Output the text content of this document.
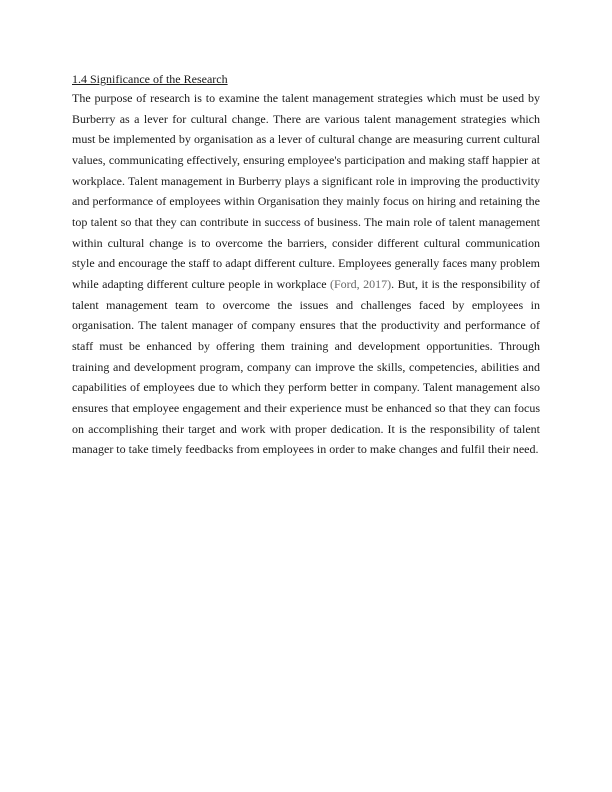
1.4 Significance of the Research

The purpose of research is to examine the talent management strategies which must be used by Burberry as a lever for cultural change. There are various talent management strategies which must be implemented by organisation as a lever of cultural change are measuring current cultural values, communicating effectively, ensuring employee's participation and making staff happier at workplace. Talent management in Burberry plays a significant role in improving the productivity and performance of employees within Organisation they mainly focus on hiring and retaining the top talent so that they can contribute in success of business. The main role of talent management within cultural change is to overcome the barriers, consider different cultural communication style and encourage the staff to adapt different culture. Employees generally faces many problem while adapting different culture people in workplace (Ford, 2017). But, it is the responsibility of talent management team to overcome the issues and challenges faced by employees in organisation. The talent manager of company ensures that the productivity and performance of staff must be enhanced by offering them training and development opportunities. Through training and development program, company can improve the skills, competencies, abilities and capabilities of employees due to which they perform better in company. Talent management also ensures that employee engagement and their experience must be enhanced so that they can focus on accomplishing their target and work with proper dedication. It is the responsibility of talent manager to take timely feedbacks from employees in order to make changes and fulfil their need.
